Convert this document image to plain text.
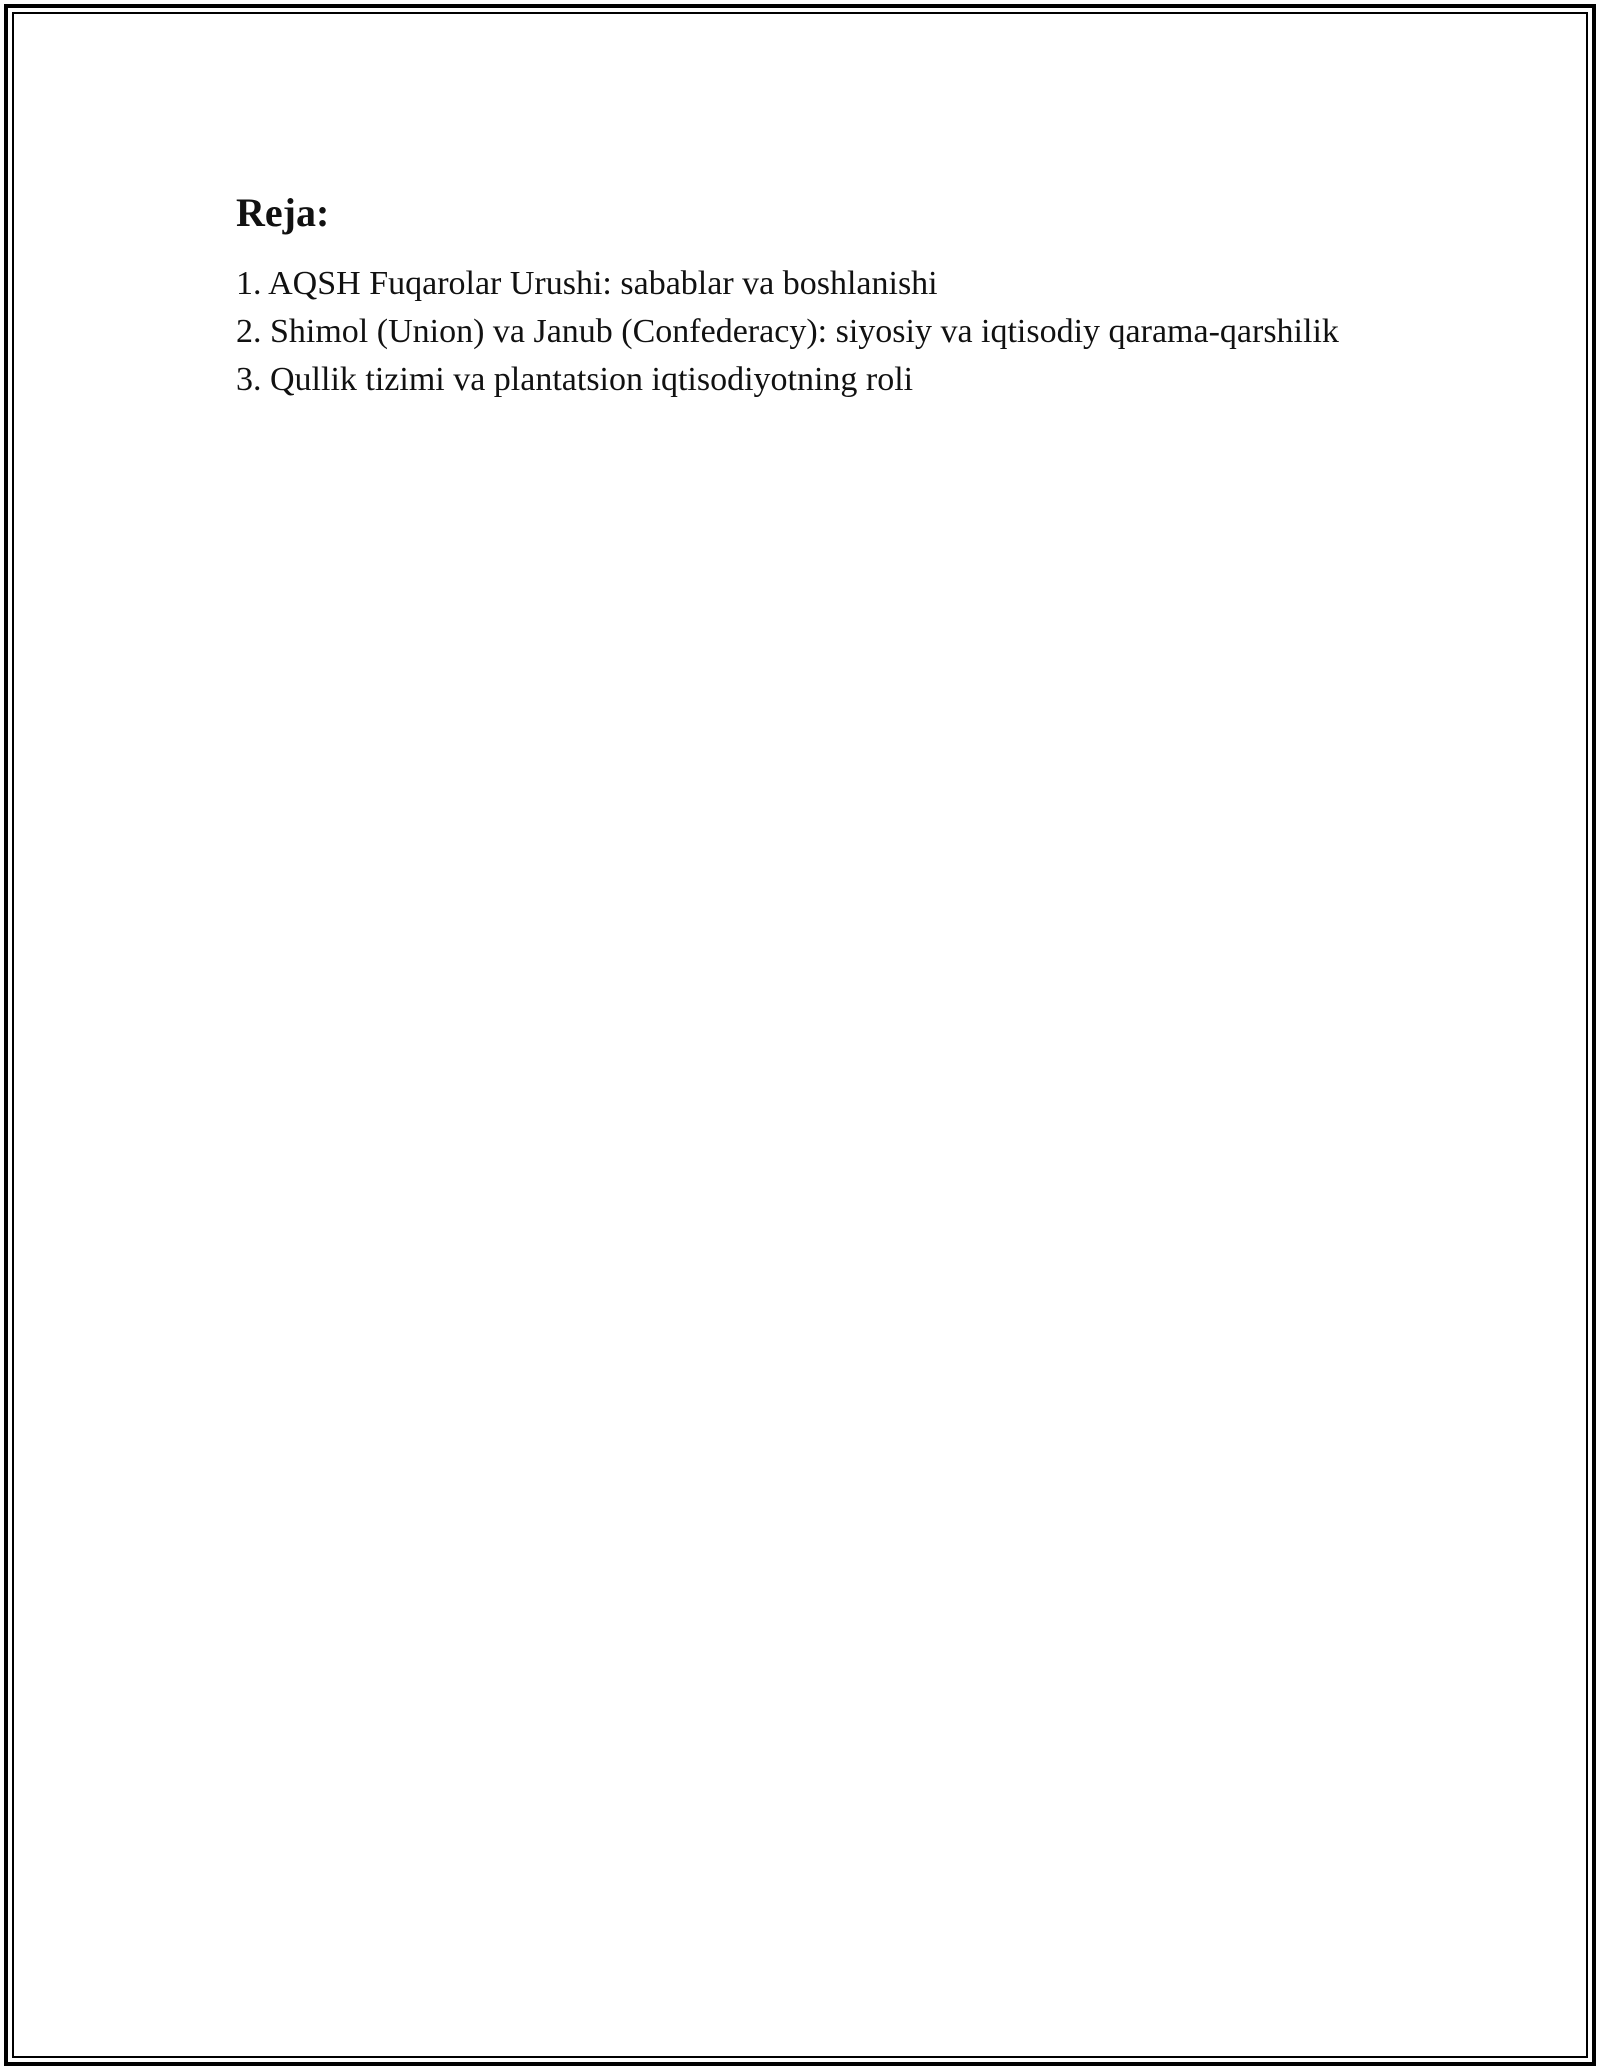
Reja:
1. AQSH Fuqarolar Urushi: sabablar va boshlanishi
2. Shimol (Union) va Janub (Confederacy): siyosiy va iqtisodiy qarama-qarshilik
3. Qullik tizimi va plantatsion iqtisodiyotning roli
